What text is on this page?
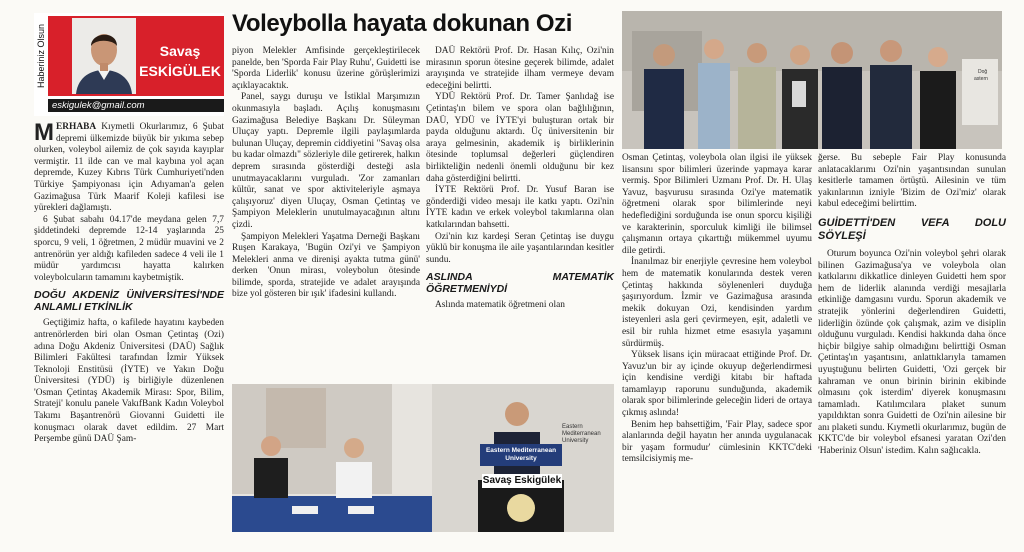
Haberiniz Olsun	Savaş
ESKİGÜLEK
eskigulek@gmail.com
Voleybolla hayata dokunan Ozi

MERHABA Kıymetli Okurlarımız, 6 Şubat depremi ülkemizde büyük bir yıkıma sebep olurken, voleybol ailemiz de çok sayıda kayıplar vermiştir. 11 ilde can ve mal kaybına yol açan depremde, Kuzey Kıbrıs Türk Cumhuriyeti'nden Türkiye Şampiyonası için Adıyaman'a gelen Gazimağusa Türk Maarif Koleji kafilesi ise yürekleri dağlamıştı.

6 Şubat sabahı 04.17'de meydana gelen 7,7 şiddetindeki depremde 12-14 yaşlarında 25 sporcu, 9 veli, 1 öğretmen, 2 müdür muavini ve 2 antrenörün yer aldığı kafileden sadece 4 veli ile 1 müdür yardımcısı hayatta kalırken voleybolcuların tamamını kaybetmiştik.

DOĞU AKDENİZ ÜNİVERSİTESİ'NDE ANLAMLI ETKİNLİK

Geçtiğimiz hafta, o kafilede hayatını kaybeden antrenörlerden biri olan Osman Çetintaş (Ozi) adına Doğu Akdeniz Üniversitesi (DAÜ) Sağlık Bilimleri Fakültesi tarafından İzmir Yüksek Teknoloji Enstitüsü (İYTE) ve Yakın Doğu Üniversitesi (YDÜ) iş birliğiyle düzenlenen 'Osman Çetintaş Akademik Mirası: Spor, Bilim, Strateji' konulu panele VakıfBank Kadın Voleybol Takımı Başantrenörü Giovanni Guidetti ile konuşmacı olarak davet edildim. 27 Mart Perşembe günü DAÜ Şam-

piyon Melekler Amfisinde gerçekleştirilecek panelde, ben 'Sporda Fair Play Ruhu', Guidetti ise 'Sporda Liderlik' konusu üzerine görüşlerimizi açıklayacaktık.

Panel, saygı duruşu ve İstiklal Marşımızın okunmasıyla başladı. Açılış konuşmasını Gazimağusa Belediye Başkanı Dr. Süleyman Uluçay yaptı. Depremle ilgili paylaşımlarda bulunan Uluçay, depremin ciddiyetini "Savaş olsa bu kadar olmazdı" sözleriyle dile getirerek, halkın deprem sırasında gösterdiği desteği asla unutmayacaklarını vurguladı. 'Zor zamanları kültür, sanat ve spor aktiviteleriyle aşmaya çalışıyoruz' diyen Uluçay, Osman Çetintaş ve Şampiyon Meleklerin unutulmayacağının altını çizdi.

Şampiyon Melekleri Yaşatma Derneği Başkanı Ruşen Karakaya, 'Bugün Ozi'yi ve Şampiyon Melekleri anma ve direnişi ayakta tutma günü' derken 'Onun mirası, voleybolun ötesinde bilimde, sporda, stratejide ve adalet arayışında bize yol gösteren bir ışık' ifadesini kullandı.

DAÜ Rektörü Prof. Dr. Hasan Kılıç, Ozi'nin mirasının sporun ötesine geçerek bilimde, adalet arayışında ve stratejide ilham vermeye devam edeceğini belirtti.

YDÜ Rektörü Prof. Dr. Tamer Şanlıdağ ise Çetintaş'ın bilem ve spora olan bağlılığının, DAÜ, YDÜ ve İYTE'yi buluşturan ortak bir payda olduğunu aktardı. Üç üniversitenin bir araya gelmesinin, akademik iş birliklerinin ötesinde toplumsal değerleri güçlendiren birlikteliğin nedenli önemli olduğunu bir kez daha gösterdiğini belirtti.

İYTE Rektörü Prof. Dr. Yusuf Baran ise gönderdiği video mesajı ile katkı yaptı. Ozi'nin İYTE kadın ve erkek voleybol takımlarına olan katkılarından bahsetti.

Ozi'nin kız kardeşi Seran Çetintaş ise duygu yüklü bir konuşma ile aile yaşantılarından kesitler sundu.

ASLINDA MATEMATİK ÖĞRETMENİYDİ

Aslında matematik öğretmeni olan

Doğ
astern

Osman Çetintaş, voleybola olan ilgisi ile yüksek lisansını spor bilimleri üzerinde yapmaya karar vermiş. Spor Bilimleri Uzmanı Prof. Dr. H. Ulaş Yavuz, başvurusu sırasında Ozi'ye matematik öğretmeni olarak spor bilimlerinde neyi hedeflediğini sorduğunda ise onun sporcu kişiliği ve karakterinin, sporculuk kimliği ile bilimsel çalışmanın ortaya çıkarttığı mükemmel uyumu dile getirdi.

İnanılmaz bir enerjiyle çevresine hem voleybol hem de matematik konularında destek veren Çetintaş hakkında söylenenleri duyduğa şaşırıyordum. İzmir ve Gazimağusa arasında mekik dokuyan Ozi, kendisinden yardım isteyenleri asla geri çevirmeyen, eşit, adaletli ve esil bir ruhla hizmet etme esasıyla yaşamını sürdürmüş.

Yüksek lisans için müracaat ettiğinde Prof. Dr. Yavuz'un bir ay içinde okuyup değerlendirmesi için kendisine verdiği kitabı bir haftada tamamlayıp raporunu sunduğunda, akademik olarak spor bilimlerinde geleceğin lideri de ortaya çıkmış aslında!

Benim hep bahsettiğim, 'Fair Play, sadece spor alanlarında değil hayatın her anında uygulanacak bir yaşam formudur' cümlesinin KKTC'deki temsilcisiymiş me-

ğerse. Bu sebeple Fair Play konusunda anlatacaklarımı Ozi'nin yaşantısından sunulan kesitlerle tamamen örtüştü. Ailesinin ve tüm yakınlarının izniyle 'Bizim de Ozi'miz' olarak kabul edeceğimi belirttim.

GUİDETTİ'DEN VEFA DOLU SÖYLEŞİ

Oturum boyunca Ozi'nin voleybol şehri olarak bilinen Gazimağusa'ya ve voleybola olan katkılarını dikkatlice dinleyen Guidetti hem spor hem de liderlik alanında verdiği mesajlarla etkinliğe damgasını vurdu. Sporun akademik ve stratejik yönlerini değerlendiren Guidetti, liderliğin özünde çok çalışmak, azim ve disiplin olduğunu vurguladı. Kendisi hakkında daha önce hiçbir bilgiye sahip olmadığını belirttiği Osman Çetintaş'ın yaşantısını, anlattıklarıyla tamamen uyuştuğunu belirten Guidetti, 'Ozi gerçek bir kahraman ve onun birinin birinin ekibinde olmasını çok isterdim' diyerek konuşmasını tamamladı. Katılımcılara plaket sunum yapıldıktan sonra Guidetti de Ozi'nin ailesine bir anı plaketi sundu. Kıymetli okurlarımız, bugün de KKTC'de bir voleybol efsanesi yaratan Ozi'den 'Haberiniz Olsun' istedim. Kalın sağlıcakla.

Eastern Mediterranean University
Eastern Mediterranean
University
Savaş Eskigülek
